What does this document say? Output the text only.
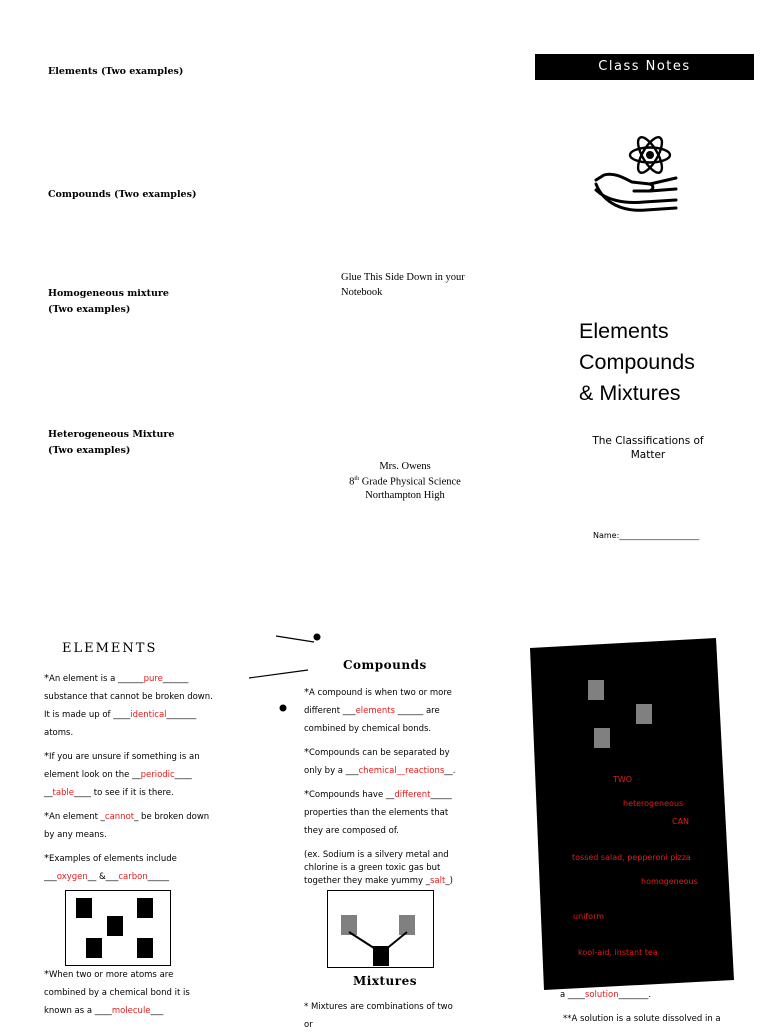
Elements (Two examples)
Compounds (Two examples)
Homogeneous mixture (Two examples)
Heterogeneous Mixture (Two examples)
Glue This Side Down in your Notebook
Mrs. Owens
8th Grade Physical Science
Northampton High
Class Notes
Elements
Compounds
& Mixtures
The Classifications of Matter
Name:____________________
ELEMENTS

*An element is a ______pure______ substance that cannot be broken down. It is made up of ____identical_______ atoms.

*If you are unsure if something is an element look on the __periodic____ __table____ to see if it is there.

*An element _cannot_ be broken down by any means.

*Examples of elements include ___oxygen__ &___carbon_____

*When two or more atoms are combined by a chemical bond it is known as a ____molecule___
Compounds

*A compound is when two or more different ___elements ______ are combined by chemical bonds.

*Compounds can be separated by only by a ___chemical__reactions__.

*Compounds have __different_____ properties than the elements that they are composed of.

(ex. Sodium is a silvery metal and chlorine is a green toxic gas but together they make yummy _salt_)
Mixtures
* Mixtures are combinations of two or
a ____solution_______.
TWO
heterogeneous
CAN
tossed salad, pepperoni pizza
homogeneous
uniform
kool-aid, instant tea
**A solution is a solute dissolved in a
